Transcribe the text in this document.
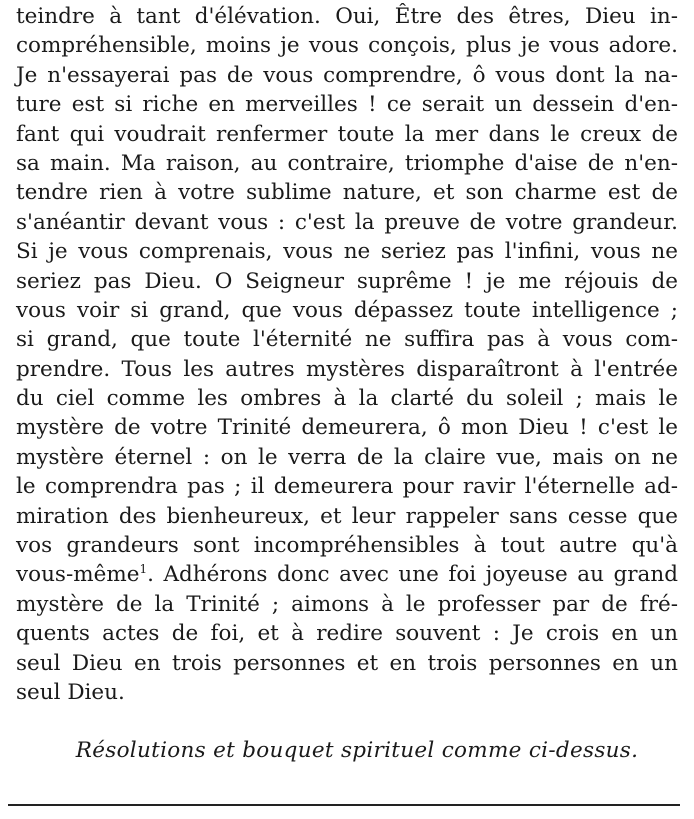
teindre à tant d'élévation. Oui, Être des êtres, Dieu in-
compréhensible, moins je vous conçois, plus je vous adore.
Je n'essayerai pas de vous comprendre, ô vous dont la na-
ture est si riche en merveilles ! ce serait un dessein d'en-
fant qui voudrait renfermer toute la mer dans le creux de
sa main. Ma raison, au contraire, triomphe d'aise de n'en-
tendre rien à votre sublime nature, et son charme est de
s'anéantir devant vous : c'est la preuve de votre grandeur.
Si je vous comprenais, vous ne seriez pas l'infini, vous ne
seriez pas Dieu. O Seigneur suprême ! je me réjouis de
vous voir si grand, que vous dépassez toute intelligence ;
si grand, que toute l'éternité ne suffira pas à vous com-
prendre. Tous les autres mystères disparaîtront à l'entrée
du ciel comme les ombres à la clarté du soleil ; mais le
mystère de votre Trinité demeurera, ô mon Dieu ! c'est le
mystère éternel : on le verra de la claire vue, mais on ne
le comprendra pas ; il demeurera pour ravir l'éternelle ad-
miration des bienheureux, et leur rappeler sans cesse que
vos grandeurs sont incompréhensibles à tout autre qu'à
vous-même$^1$. Adhérons donc avec une foi joyeuse au grand
mystère de la Trinité ; aimons à le professer par de fré-
quents actes de foi, et à redire souvent : Je crois en un
seul Dieu en trois personnes et en trois personnes en un
seul Dieu.

Résolutions et bouquet spirituel comme ci-dessus.
